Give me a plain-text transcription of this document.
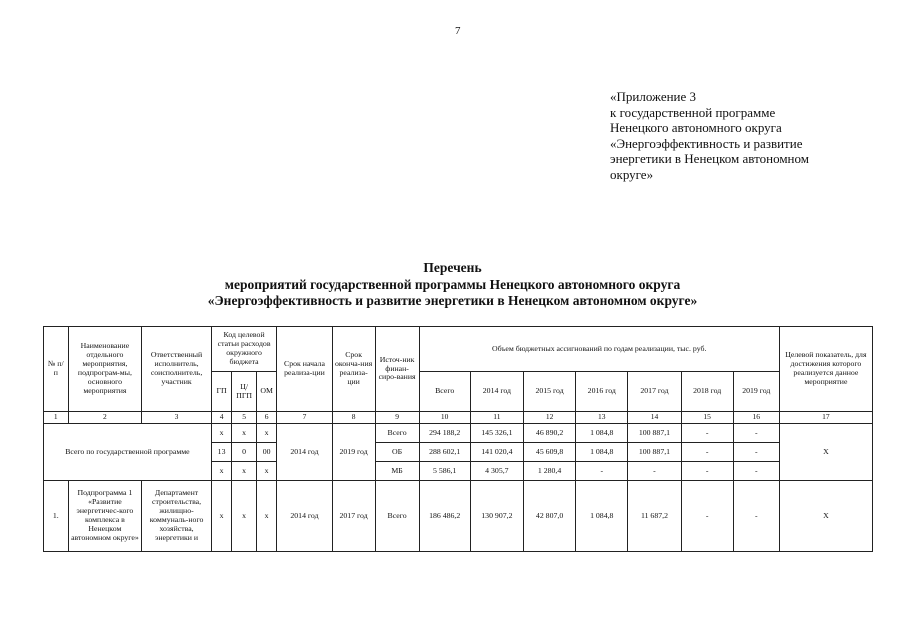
7
«Приложение 3
к государственной программе
Ненецкого автономного округа
«Энергоэффективность и развитие
энергетики в Ненецком автономном
округе»
Перечень
мероприятий государственной программы Ненецкого автономного округа
«Энергоэффективность и развитие энергетики в Ненецком автономном округе»
№ п/п	Наименование отдельного мероприятия, подпрограм-мы, основного мероприятия	Ответственный исполнитель, соисполнитель, участник	Код целевой статьи расходов окружного бюджета			Срок начала реализа-ции	Срок оконча-ния реализа-ции	Источ-ник финан-сиро-вания	Объем бюджетных ассигнований по годам реализации, тыс. руб.							Целевой показатель, для достижения которого реализуется данное мероприятие
			ГП	Ц/ПГП	ОМ				Всего	2014 год	2015 год	2016 год	2017 год	2018 год	2019 год	
1	2	3	4	5	6	7	8	9	10	11	12	13	14	15	16	17
Всего по государственной программе			х	х	х	2014 год	2019 год	Всего	294 188,2	145 326,1	46 890,2	1 084,8	100 887,1	-	-	Х
			13	0	00			ОБ	288 602,1	141 020,4	45 609,8	1 084,8	100 887,1	-	-	
			х	х	х			МБ	5 586,1	4 305,7	1 280,4	-	-	-	-	
1.	Подпрограмма 1 «Развитие энергетичес-кого комплекса в Ненецком автономном округе»	Департамент строительства, жилищно-коммуналь-ного хозяйства, энергетики и	х	х	х	2014 год	2017 год	Всего	186 486,2	130 907,2	42 807,0	1 084,8	11 687,2	-	-	Х
